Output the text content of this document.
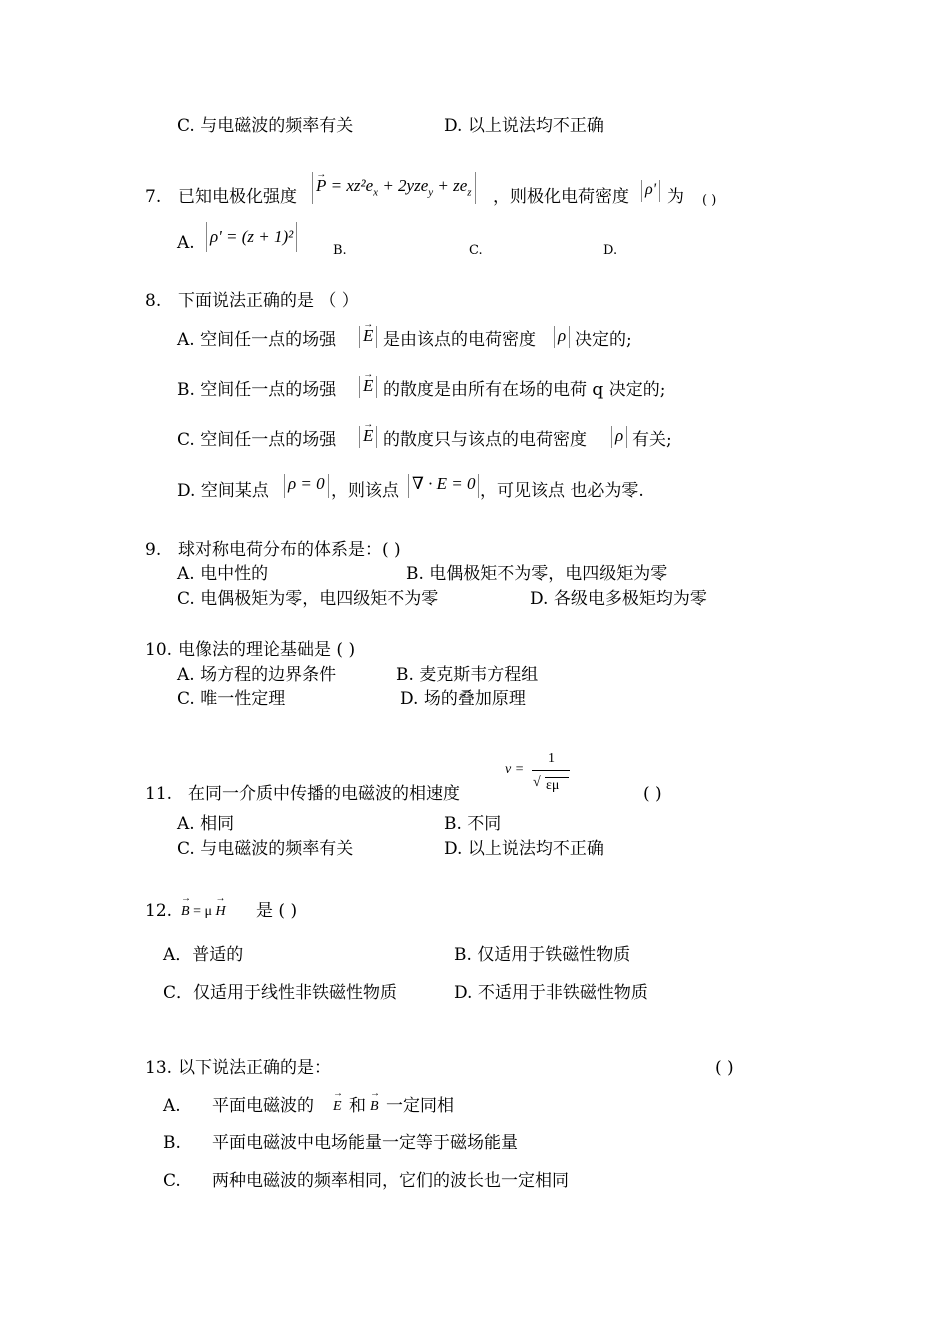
C. 与电磁波的频率有关	D. 以上说法均不正确
7. 已知电极化强度
→ $P = xz^2e_x + 2yze_y + ze_z$ ，则极化电荷密度 ρ' 为 ( )
A. ρ' = (z + 1)²
B.	C.	D.
8. 下面说法正确的是 （ ）
A. 空间任一点的场强 → E 是由该点的电荷密度 ρ 决定的;
B. 空间任一点的场强 → E 的散度是由所有在场的电荷 q 决定的;
C. 空间任一点的场强 → E 的散度只与该点的电荷密度 ρ 有关;
D. 空间某点 ρ = 0 ，则该点 ∇ · E = 0 ，可见该点 也必为零.
9. 球对称电荷分布的体系是：( )
A. 电中性的	B. 电偶极矩不为零，电四级矩为零
C. 电偶极矩为零，电四级矩不为零	D. 各级电多极矩均为零
10. 电像法的理论基础是 ( )
A. 场方程的边界条件	B. 麦克斯韦方程组
C. 唯一性定理	D. 场的叠加原理
11. 在同一介质中传播的电磁波的相速度
v =
1
√ εμ	( )
A. 相同	B. 不同
C. 与电磁波的频率有关	D. 以上说法均不正确
12. → B = μ → H 是 ( )
A．普适的	B. 仅适用于铁磁性物质
C．仅适用于线性非铁磁性物质	D. 不适用于非铁磁性物质
13. 以下说法正确的是：	( )
A. 平面电磁波的 → E 和 → B 一定同相
B. 平面电磁波中电场能量一定等于磁场能量
C. 两种电磁波的频率相同，它们的波长也一定相同
